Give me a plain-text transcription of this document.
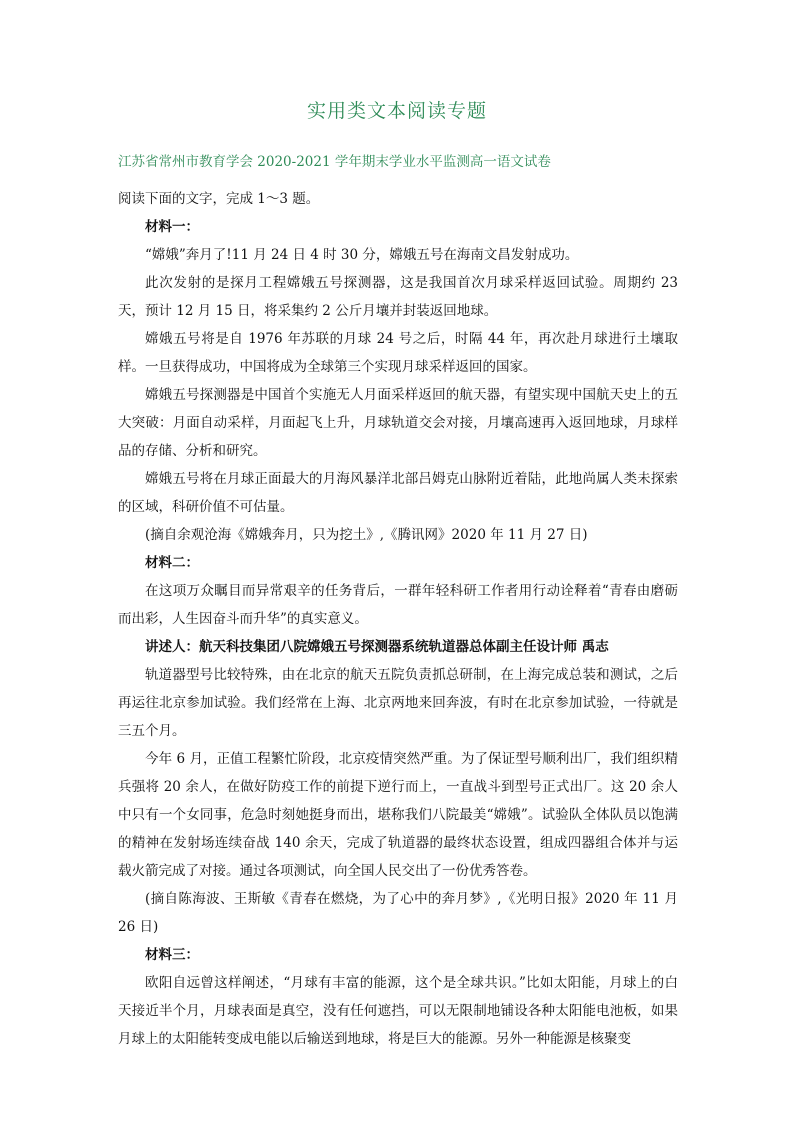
实用类文本阅读专题
江苏省常州市教育学会 2020-2021 学年期末学业水平监测高一语文试卷

阅读下面的文字，完成 1～3 题。

材料一：

“嫦娥”奔月了!11 月 24 日 4 时 30 分，嫦娥五号在海南文昌发射成功。

此次发射的是探月工程嫦娥五号探测器，这是我国首次月球采样返回试验。周期约 23 天，预计 12 月 15 日，将采集约 2 公斤月壤并封装返回地球。

嫦娥五号将是自 1976 年苏联的月球 24 号之后，时隔 44 年，再次赴月球进行土壤取样。一旦获得成功，中国将成为全球第三个实现月球采样返回的国家。

嫦娥五号探测器是中国首个实施无人月面采样返回的航天器，有望实现中国航天史上的五大突破：月面自动采样，月面起飞上升，月球轨道交会对接，月壤高速再入返回地球，月球样品的存储、分析和研究。

嫦娥五号将在月球正面最大的月海风暴洋北部吕姆克山脉附近着陆，此地尚属人类未探索的区域，科研价值不可估量。

(摘自余观沧海《嫦娥奔月，只为挖土》,《腾讯网》2020 年 11 月 27 日)

材料二：

在这项万众瞩目而异常艰辛的任务背后，一群年轻科研工作者用行动诠释着“青春由磨砺而出彩，人生因奋斗而升华”的真实意义。

讲述人：航天科技集团八院嫦娥五号探测器系统轨道器总体副主任设计师 禹志

轨道器型号比较特殊，由在北京的航天五院负责抓总研制，在上海完成总装和测试，之后再运往北京参加试验。我们经常在上海、北京两地来回奔波，有时在北京参加试验，一待就是三五个月。

今年 6 月，正值工程繁忙阶段，北京疫情突然严重。为了保证型号顺利出厂，我们组织精兵强将 20 余人，在做好防疫工作的前提下逆行而上，一直战斗到型号正式出厂。这 20 余人中只有一个女同事，危急时刻她挺身而出，堪称我们八院最美“嫦娥”。试验队全体队员以饱满的精神在发射场连续奋战 140 余天，完成了轨道器的最终状态设置，组成四器组合体并与运载火箭完成了对接。通过各项测试，向全国人民交出了一份优秀答卷。

(摘自陈海波、王斯敏《青春在燃烧，为了心中的奔月梦》,《光明日报》2020 年 11 月 26 日)

材料三：

欧阳自远曾这样阐述，“月球有丰富的能源，这个是全球共识。”比如太阳能，月球上的白天接近半个月，月球表面是真空，没有任何遮挡，可以无限制地铺设各种太阳能电池板，如果月球上的太阳能转变成电能以后输送到地球，将是巨大的能源。另外一种能源是核聚变
